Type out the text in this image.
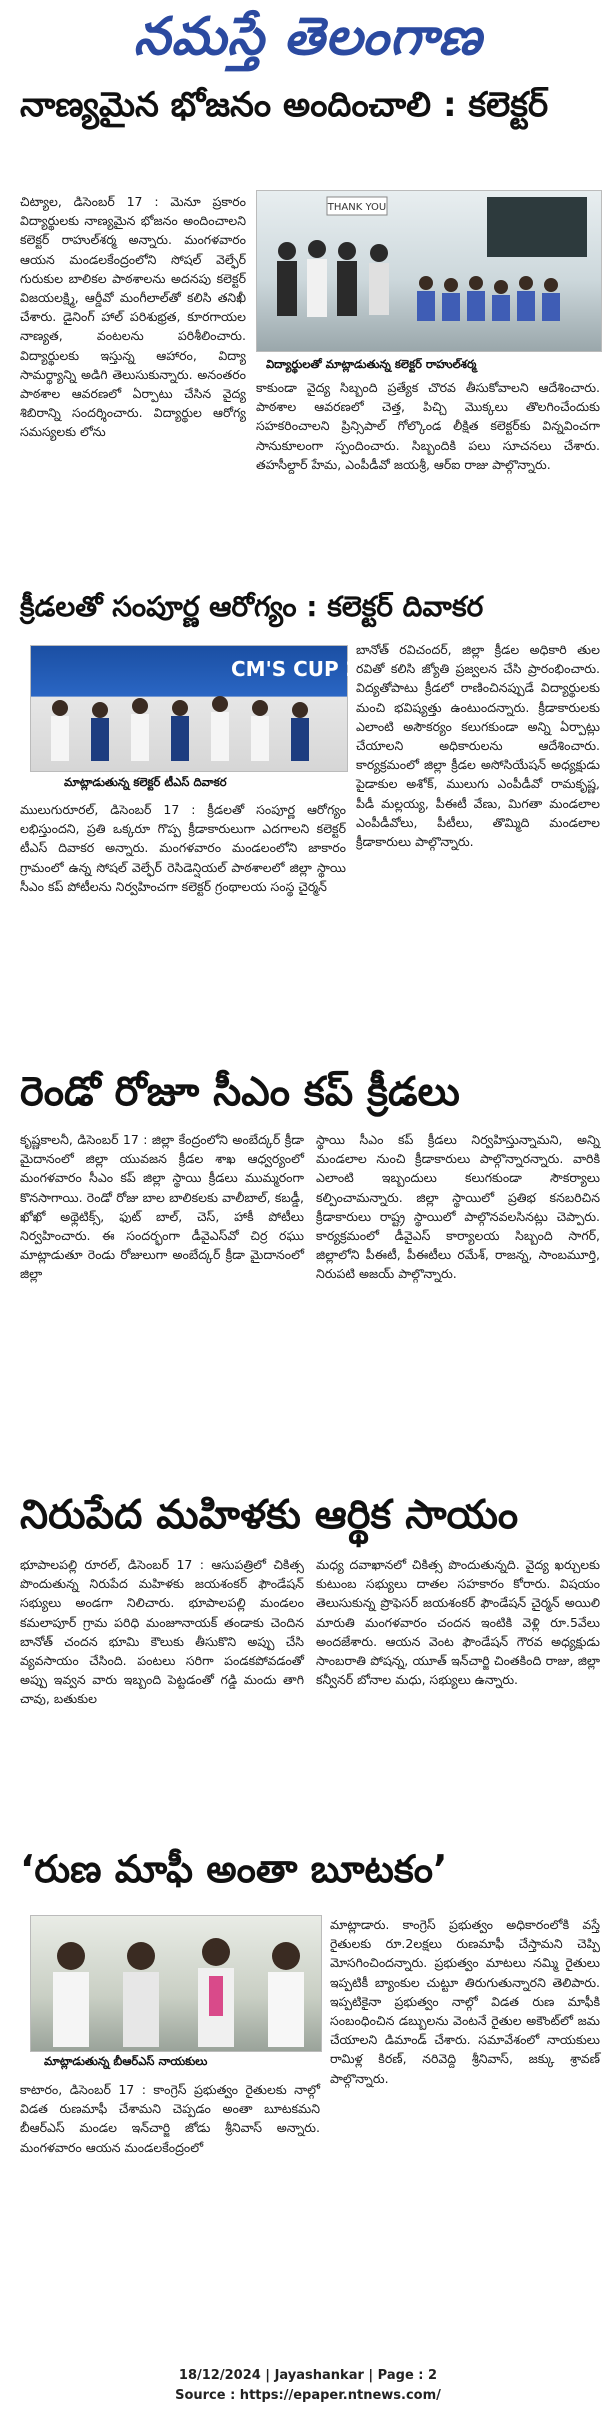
నమస్తే తెలంగాణ
నాణ్యమైన భోజనం అందించాలి : కలెక్టర్
THANK YOU
విద్యార్థులతో మాట్లాడుతున్న కలెక్టర్ రాహుల్‌శర్మ

చిట్యాల, డిసెంబర్ 17 : మెనూ ప్రకారం విద్యార్థులకు నాణ్యమైన భోజనం అందించాలని కలెక్టర్ రాహుల్‌శర్మ అన్నారు. మంగళవారం ఆయన మండలకేంద్రంలోని సోషల్ వెల్ఫేర్ గురుకుల బాలికల పాఠశాలను అదనపు కలెక్టర్ విజయలక్ష్మి, ఆర్డీవో మంగీలాల్‌తో కలిసి తనిఖీ చేశారు. డైనింగ్ హాల్ పరిశుభ్రత, కూరగాయల నాణ్యత, వంటలను పరిశీలించారు. విద్యార్థులకు ఇస్తున్న ఆహారం, విద్యా సామర్థ్యాన్ని అడిగి తెలుసుకున్నారు. అనంతరం పాఠశాల ఆవరణలో ఏర్పాటు చేసిన వైద్య శిబిరాన్ని సందర్శించారు. విద్యార్థుల ఆరోగ్య సమస్యలకు లోను

కాకుండా వైద్య సిబ్బంది ప్రత్యేక చొరవ తీసుకోవాలని ఆదేశించారు. పాఠశాల ఆవరణలో చెత్త, పిచ్చి మొక్కలు తొలగించేందుకు సహకరించాలని ప్రిన్సిపాల్ గోల్కొండ లీక్షిత కలెక్టర్‌కు విన్నవించగా సానుకూలంగా స్పందించారు. సిబ్బందికి పలు సూచనలు చేశారు. తహసీల్దార్ హేమ, ఎంపీడీవో జయశ్రీ, ఆర్‌ఐ రాజు పాల్గొన్నారు.

క్రీడలతో సంపూర్ణ ఆరోగ్యం : కలెక్టర్ దివాకర
CM'S CUP 2024
మాట్లాడుతున్న కలెక్టర్ టీఎస్ దివాకర

బానోత్ రవిచందర్, జిల్లా క్రీడల అధికారి తుల రవితో కలిసి జ్యోతి ప్రజ్వలన చేసి ప్రారంభించారు. విద్యతోపాటు క్రీడలో రాణించినప్పుడే విద్యార్థులకు మంచి భవిష్యత్తు ఉంటుందన్నారు. క్రీడాకారులకు ఎలాంటి అసౌకర్యం కలుగకుండా అన్ని ఏర్పాట్లు చేయాలని అధికారులను ఆదేశించారు. కార్యక్రమంలో జిల్లా క్రీడల అసోసియేషన్ అధ్యక్షుడు పైడాకుల అశోక్, ములుగు ఎంపీడీవో రామకృష్ణ, పీడీ మల్లయ్య, పీఈటీ వేణు, మిగతా మండలాల ఎంపీడీవోలు, పీటీలు, తొమ్మిది మండలాల క్రీడాకారులు పాల్గొన్నారు.

ములుగురూరల్, డిసెంబర్ 17 : క్రీడలతో సంపూర్ణ ఆరోగ్యం లభిస్తుందని, ప్రతి ఒక్కరూ గొప్ప క్రీడాకారులుగా ఎదగాలని కలెక్టర్ టీఎస్ దివాకర అన్నారు. మంగళవారం మండలంలోని జాకారం గ్రామంలో ఉన్న సోషల్ వెల్ఫేర్ రెసిడెన్షియల్ పాఠశాలలో జిల్లా స్థాయి సీఎం కప్ పోటీలను నిర్వహించగా కలెక్టర్ గ్రంథాలయ సంస్థ చైర్మన్

రెండో రోజూ సీఎం కప్ క్రీడలు

కృష్ణకాలనీ, డిసెంబర్ 17 : జిల్లా కేంద్రంలోని అంబేద్కర్ క్రీడా మైదానంలో జిల్లా యువజన క్రీడల శాఖ ఆధ్వర్యంలో మంగళవారం సీఎం కప్ జిల్లా స్థాయి క్రీడలు ముమ్మరంగా కొనసాగాయి. రెండో రోజు బాల బాలికలకు వాలీబాల్, కబడ్డీ, ఖోఖో అథ్లెటిక్స్, ఫుట్ బాల్, చెస్, హాకీ పోటీలు నిర్వహించారు. ఈ సందర్భంగా డీవైఎస్‌వో చిర్ర రఘు మాట్లాడుతూ రెండు రోజులుగా అంబేద్కర్ క్రీడా మైదానంలో జిల్లా

స్థాయి సీఎం కప్ క్రీడలు నిర్వహిస్తున్నామని, అన్ని మండలాల నుంచి క్రీడాకారులు పాల్గొన్నారన్నారు. వారికి ఎలాంటి ఇబ్బందులు కలుగకుండా సౌకర్యాలు కల్పించామన్నారు. జిల్లా స్థాయిలో ప్రతిభ కనబరిచిన క్రీడాకారులు రాష్ట్ర స్థాయిలో పాల్గొనవలసినట్లు చెప్పారు. కార్యక్రమంలో డీవైఎస్ కార్యాలయ సిబ్బంది సాగర్, జిల్లాలోని పీఈటీ, పీఈటీలు రమేశ్, రాజన్న, సాంబమూర్తి, నిరుపటి అజయ్ పాల్గొన్నారు.

నిరుపేద మహిళకు ఆర్థిక సాయం

భూపాలపల్లి రూరల్, డిసెంబర్ 17 : ఆసుపత్రిలో చికిత్స పొందుతున్న నిరుపేద మహిళకు జయశంకర్ ఫౌండేషన్ సభ్యులు అండగా నిలిచారు. భూపాలపల్లి మండలం కమలాపూర్ గ్రామ పరిధి మంజూనాయక్ తండాకు చెందిన బానోత్ చందన భూమి కౌలుకు తీసుకొని అప్పు చేసి వ్యవసాయం చేసింది. పంటలు సరిగా పండకపోవడంతో అప్పు ఇవ్వన వారు ఇబ్బంది పెట్టడంతో గడ్డి మందు తాగి చావు, బతుకుల

మధ్య దవాఖానలో చికిత్స పొందుతున్నది. వైద్య ఖర్చులకు కుటుంబ సభ్యులు దాతల సహకారం కోరారు. విషయం తెలుసుకున్న ప్రొఫెసర్ జయశంకర్ ఫౌండేషన్ చైర్మన్ అయిలి మారుతి మంగళవారం చందన ఇంటికి వెళ్లి రూ.5వేలు అందజేశారు. ఆయన వెంట ఫౌండేషన్ గౌరవ అధ్యక్షుడు సాంబరాతి పోషన్న, యూత్ ఇన్‌చార్జి చింతకింది రాజు, జిల్లా కన్వీనర్ బోనాల మధు, సభ్యులు ఉన్నారు.

‘రుణ మాఫీ అంతా బూటకం’
మాట్లాడుతున్న బీఆర్‌ఎస్ నాయకులు

మాట్లాడారు. కాంగ్రెస్ ప్రభుత్వం అధికారంలోకి వస్తే రైతులకు రూ.2లక్షలు రుణమాఫీ చేస్తామని చెప్పి మోసగించిందన్నారు. ప్రభుత్వం మాటలు నమ్మి రైతులు ఇప్పటికీ బ్యాంకుల చుట్టూ తిరుగుతున్నారని తెలిపారు. ఇప్పటికైనా ప్రభుత్వం నాల్గో విడత రుణ మాఫీకి సంబంధించిన డబ్బులను వెంటనే రైతుల అకౌంట్‌లో జమ చేయాలని డిమాండ్ చేశారు. సమావేశంలో నాయకులు రామిళ్ల కిరణ్, నరివెద్ది శ్రీనివాస్, జక్కు శ్రావణ్ పాల్గొన్నారు.

కాటారం, డిసెంబర్ 17 : కాంగ్రెస్ ప్రభుత్వం రైతులకు నాల్గో విడత రుణమాఫీ చేశామని చెప్పడం అంతా బూటకమని బీఆర్‌ఎస్ మండల ఇన్‌చార్జి జోడు శ్రీనివాస్ అన్నారు. మంగళవారం ఆయన మండలకేంద్రంలో

18/12/2024 | Jayashankar | Page : 2
Source : https://epaper.ntnews.com/
